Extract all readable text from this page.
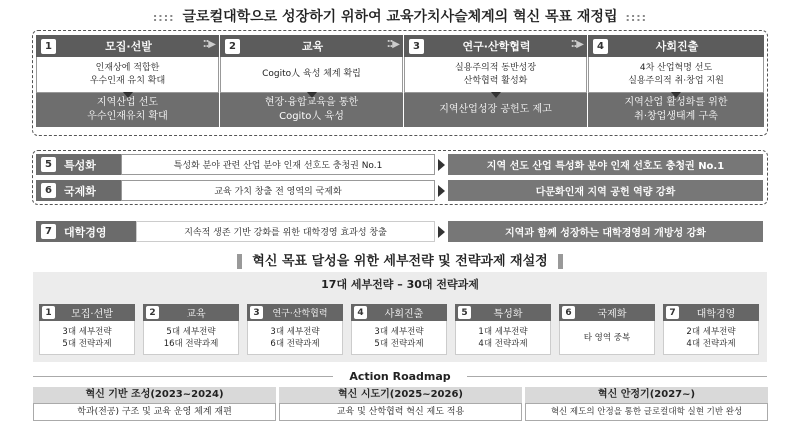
:::: 글로컬대학으로 성장하기 위하여 교육가치사슬체계의 혁신 목표 재정립 ::::
1	모집·선발	⁚⁚▶
인재상에 적합한
우수인재 유치 확대
지역산업 선도
우수인재유치 확대
2	교육	⁚⁚▶
Cogito人 육성 체계 확립
현장·융합교육을 통한
Cogito人 육성
3	연구·산학협력	⁚⁚▶
실용주의적 동반성장
산학협력 활성화
지역산업성장 공헌도 제고
4	사회진출
4차 산업혁명 선도
실용주의적 취·창업 지원
지역산업 활성화를 위한
취·창업생태계 구축
5	특성화	특성화 분야 관련 산업 분야 인재 선호도 충청권 No.1	지역 선도 산업 특성화 분야 인재 선호도 충청권 No.1
6	국제화	교육 가치 창출 전 영역의 국제화	다문화인재 지역 공헌 역량 강화
7	대학경영	지속적 생존 기반 강화를 위한 대학경영 효과성 창출	지역과 함께 성장하는 대학경영의 개방성 강화
혁신 목표 달성을 위한 세부전략 및 전략과제 재설정
17대 세부전략 – 30대 전략과제
1	모집·선발
3대 세부전략
5대 전략과제
2	교육
5대 세부전략
16대 전략과제
3	연구·산학협력
3대 세부전략
6대 전략과제
4	사회진출
3대 세부전략
5대 전략과제
5	특성화
1대 세부전략
4대 전략과제
6	국제화
타 영역 중복
7	대학경영
2대 세부전략
4대 전략과제
Action Roadmap
혁신 기반 조성(2023~2024)
학과(전공) 구조 및 교육 운영 체계 재편
혁신 시도기(2025~2026)
교육 및 산학협력 혁신 제도 적용
혁신 안정기(2027~)
혁신 제도의 안정을 통한 글로컬대학 실현 기반 완성
